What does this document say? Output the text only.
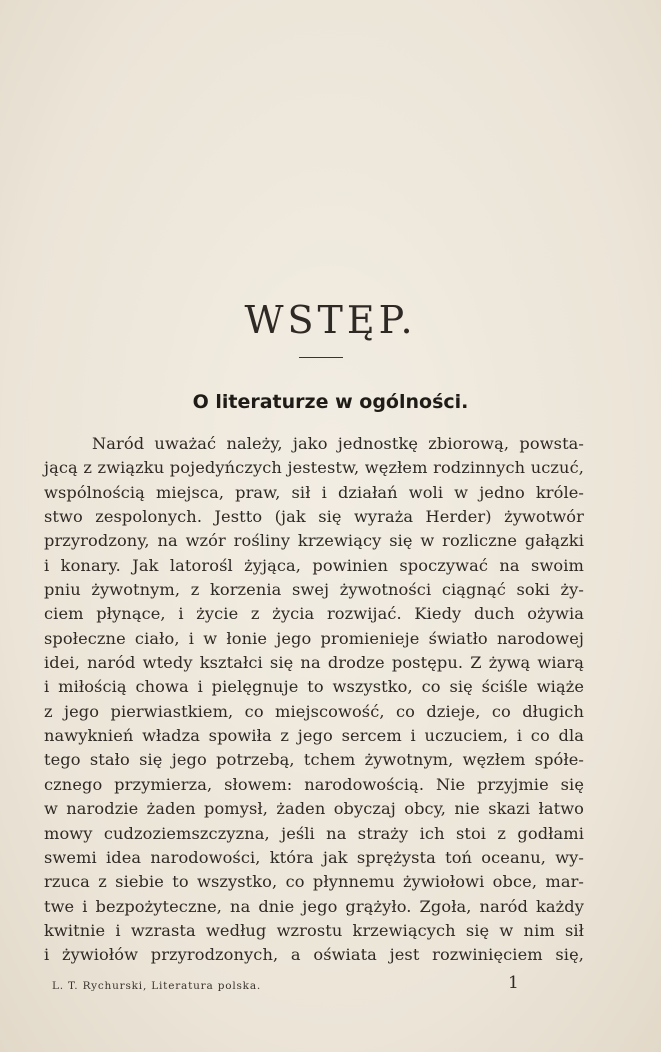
WSTĘP.
O literaturze w ogólności.
Naród uważać należy, jako jednostkę zbiorową, powsta-
jącą z związku pojedyńczych jestestw, węzłem rodzinnych uczuć,
wspólnością miejsca, praw, sił i działań woli w jedno króle-
stwo zespolonych. Jestto (jak się wyraża Herder) żywotwór
przyrodzony, na wzór rośliny krzewiący się w rozliczne gałązki
i konary. Jak latorośl żyjąca, powinien spoczywać na swoim
pniu żywotnym, z korzenia swej żywotności ciągnąć soki ży-
ciem płynące, i życie z życia rozwijać. Kiedy duch ożywia
społeczne ciało, i w łonie jego promienieje światło narodowej
idei, naród wtedy kształci się na drodze postępu. Z żywą wiarą
i miłością chowa i pielęgnuje to wszystko, co się ściśle wiąże
z jego pierwiastkiem, co miejscowość, co dzieje, co długich
nawyknień władza spowiła z jego sercem i uczuciem, i co dla
tego stało się jego potrzebą, tchem żywotnym, węzłem spółe-
cznego przymierza, słowem: narodowością. Nie przyjmie się
w narodzie żaden pomysł, żaden obyczaj obcy, nie skazi łatwo
mowy cudzoziemszczyzna, jeśli na straży ich stoi z godłami
swemi idea narodowości, która jak sprężysta toń oceanu, wy-
rzuca z siebie to wszystko, co płynnemu żywiołowi obce, mar-
twe i bezpożyteczne, na dnie jego grążyło. Zgoła, naród każdy
kwitnie i wzrasta według wzrostu krzewiących się w nim sił
i żywiołów przyrodzonych, a oświata jest rozwinięciem się,
L. T. Rychurski, Literatura polska.	1
